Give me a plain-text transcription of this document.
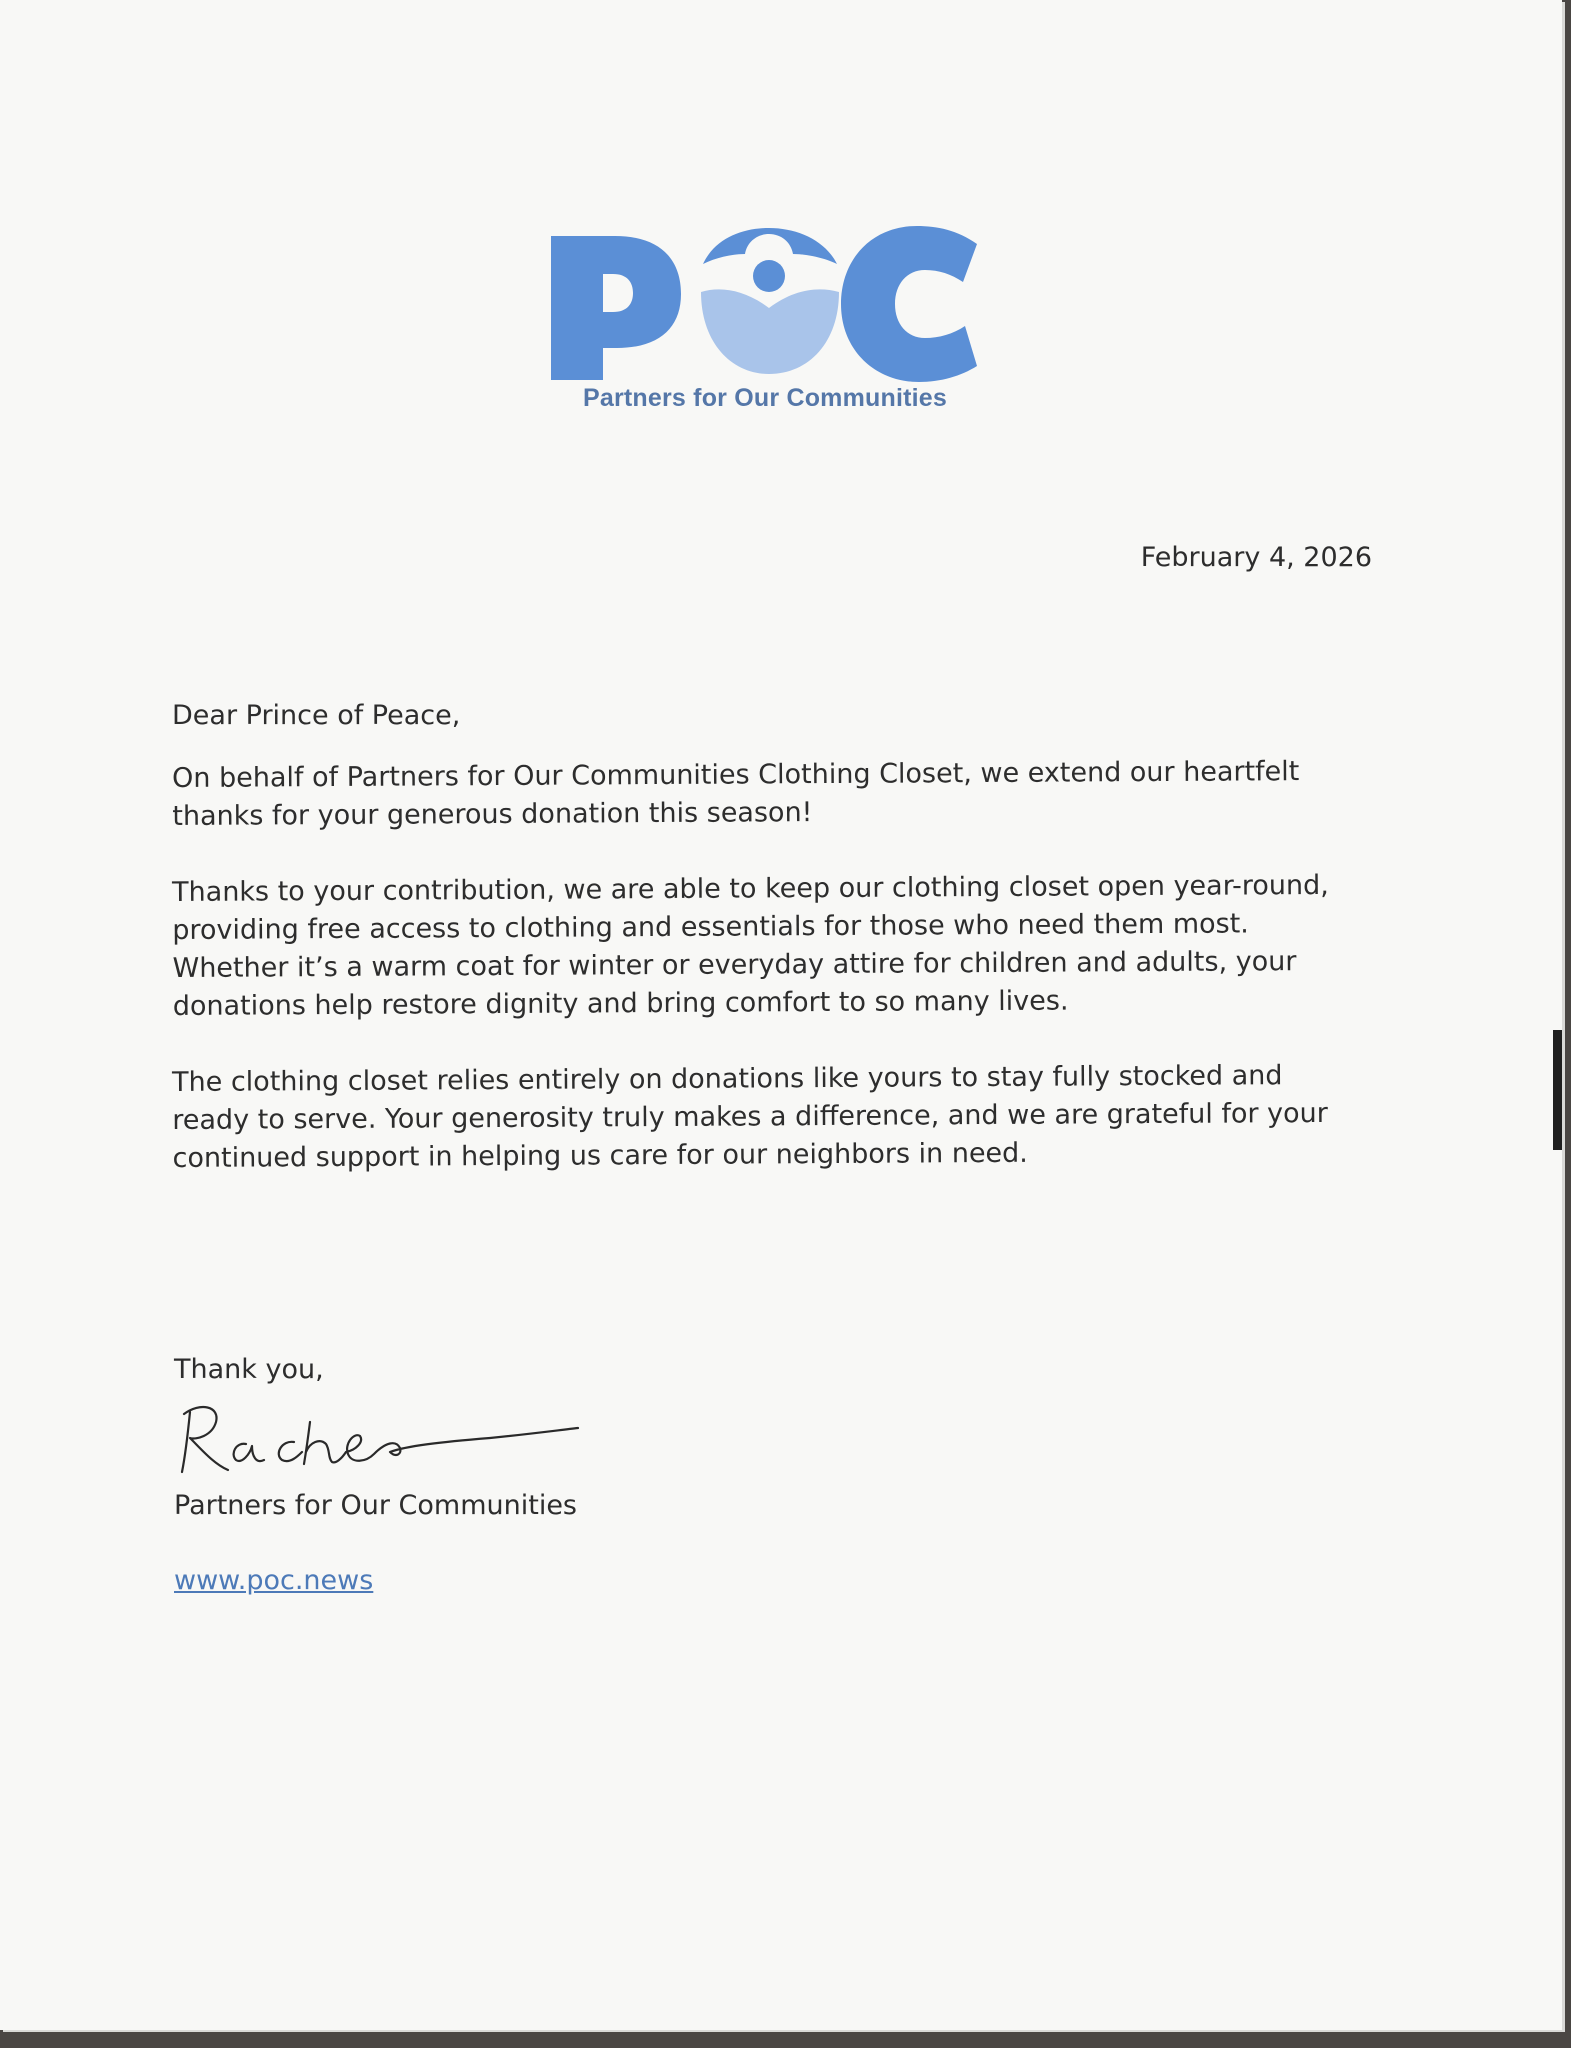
Partners for Our Communities
February 4, 2026
Dear Prince of Peace,
On behalf of Partners for Our Communities Clothing Closet, we extend our heartfelt thanks for your generous donation this season!
Thanks to your contribution, we are able to keep our clothing closet open year-round, providing free access to clothing and essentials for those who need them most. Whether it’s a warm coat for winter or everyday attire for children and adults, your donations help restore dignity and bring comfort to so many lives.
The clothing closet relies entirely on donations like yours to stay fully stocked and ready to serve. Your generosity truly makes a difference, and we are grateful for your continued support in helping us care for our neighbors in need.
Thank you,
Partners for Our Communities
www.poc.news
